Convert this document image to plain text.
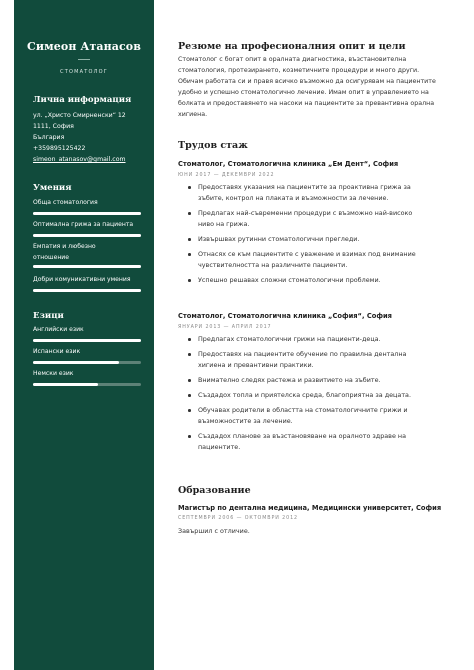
Симеон Атанасов
СТОМАТОЛОГ
Лична информация
ул. „Христо Смирненски“ 12
1111, София
България
+359895125422
simeon_atanasov@gmail.com
Умения
Обща стоматология
Оптимална грижа за пациента
Емпатия и любезно
отношение
Добри комуникативни умения
Езици
Английски език
Испански език
Немски език
Резюме на професионалния опит и цели
Стоматолог с богат опит в оралната диагностика, възстановителна стоматология, протезирането, козметичните процедури и много други. Обичам работата си и правя всичко възможно да осигурявам на пациентите удобно и успешно стоматологично лечение. Имам опит в управлението на болката и предоставянето на насоки на пациентите за превантивна орална хигиена.
Трудов стаж
Стоматолог, Стоматологична клиника „Ем Дент“, София
ЮНИ 2017 — ДЕКЕМВРИ 2022
Предоставях указания на пациентите за проактивна грижа за зъбите, контрол на плаката и възможности за лечение.
Предлагах най-съвременни процедури с възможно най-високо ниво на грижа.
Извършвах рутинни стоматологични прегледи.
Отнасях се към пациентите с уважение и взимах под внимание чувствителността на различните пациенти.
Успешно решавах сложни стоматологични проблеми.
Стоматолог, Стоматологична клиника „София“, София
ЯНУАРИ 2013 — АПРИЛ 2017
Предлагах стоматологични грижи на пациенти-деца.
Предоставях на пациентите обучение по правилна дентална хигиена и превантивни практики.
Внимателно следях растежа и развитието на зъбите.
Създадох топла и приятелска среда, благоприятна за децата.
Обучавах родители в областта на стоматологичните грижи и възможностите за лечение.
Създадох планове за възстановяване на оралното здраве на пациентите.
Образование
Магистър по дентална медицина, Медицински университет, София
СЕПТЕМВРИ 2006 — ОКТОМВРИ 2012
Завършил с отличие.
